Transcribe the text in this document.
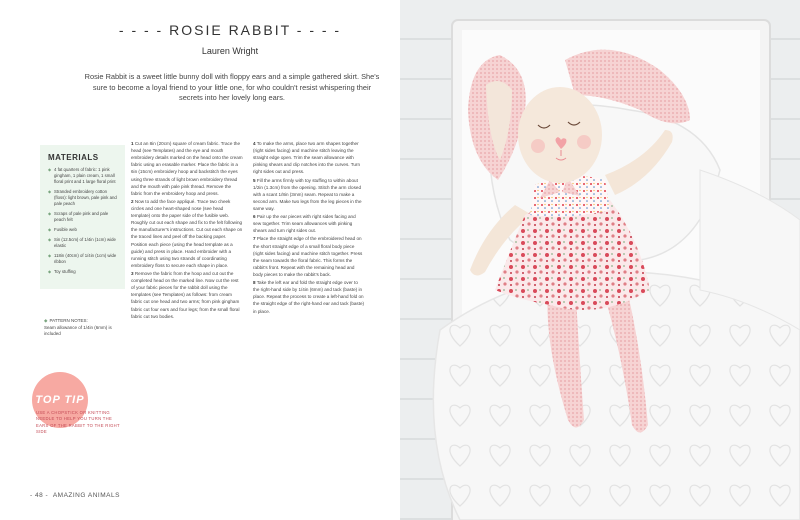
- - - - ROSIE RABBIT - - - -
Lauren Wright
Rosie Rabbit is a sweet little bunny doll with floppy ears and a simple gathered skirt. She's sure to become a loyal friend to your little one, for who couldn't resist whispering their secrets into her lovely long ears.
MATERIALS
◆ 4 fat quarters of fabric: 1 pink gingham, 1 plain cream, 1 small floral print and 1 large floral print
◆ Stranded embroidery cotton (floss): light brown, pale pink and pale peach
◆ Scraps of pale pink and pale peach felt
◆ Fusible web
◆ Sin (12.5cm) of 1/4in (1cm) wide elastic
◆ 118in (40cm) of 1/4in (1cm) wide ribbon
◆ Toy stuffing
◆ PATTERN NOTES:
Seam allowance of 1/4in (6mm) is included
TOP TIP
USE A CHOPSTICK OR KNITTING NEEDLE TO HELP YOU TURN THE EARS OF THE RABBIT TO THE RIGHT SIDE

1 Cut an 8in (20cm) square of cream fabric. Trace the head (see Templates) and the eye and mouth embroidery details marked on the head onto the cream fabric using an erasable marker. Place the fabric in a 6in (15cm) embroidery hoop and backstitch the eyes using three strands of light brown embroidery thread and the mouth with pale pink thread. Remove the fabric from the embroidery hoop and press.

2 Now to add the face appliqué. Trace two cheek circles and one heart-shaped nose (see head template) onto the paper side of the fusible web. Roughly cut out each shape and fix to the felt following the manufacturer's instructions. Cut out each shape on the traced lines and peel off the backing paper. Position each piece (using the head template as a guide) and press in place. Hand embroider with a running stitch using two strands of coordinating embroidery floss to secure each shape in place.

3 Remove the fabric from the hoop and cut out the completed head on the marked line. Now cut the rest of your fabric pieces for the rabbit doll using the templates (see Templates) as follows: from cream fabric cut one head and two arms; from pink gingham fabric cut four ears and four legs; from the small floral fabric cut two bodies.

4 To make the arms, place two arm shapes together (right sides facing) and machine stitch leaving the straight edge open. Trim the seam allowance with pinking shears and clip notches into the curves. Turn right sides out and press.

5 Fill the arms firmly with toy stuffing to within about 1/2in (1.3cm) from the opening. Stitch the arm closed with a scant 1/8in (3mm) seam. Repeat to make a second arm. Make two legs from the leg pieces in the same way.

6 Pair up the ear pieces with right sides facing and sew together. Trim seam allowances with pinking shears and turn right sides out.

7 Place the straight edge of the embroidered head on the short straight edge of a small floral body piece (right sides facing) and machine stitch together. Press the seam towards the floral fabric. This forms the rabbit's front. Repeat with the remaining head and body pieces to make the rabbit's back.

8 Take the left ear and fold the straight edge over to the right-hand side by 1/4in (6mm) and tack (baste) in place. Repeat the process to create a left-hand fold on the straight edge of the right-hand ear and tack (baste) in place.

- 48 -  AMAZING ANIMALS
